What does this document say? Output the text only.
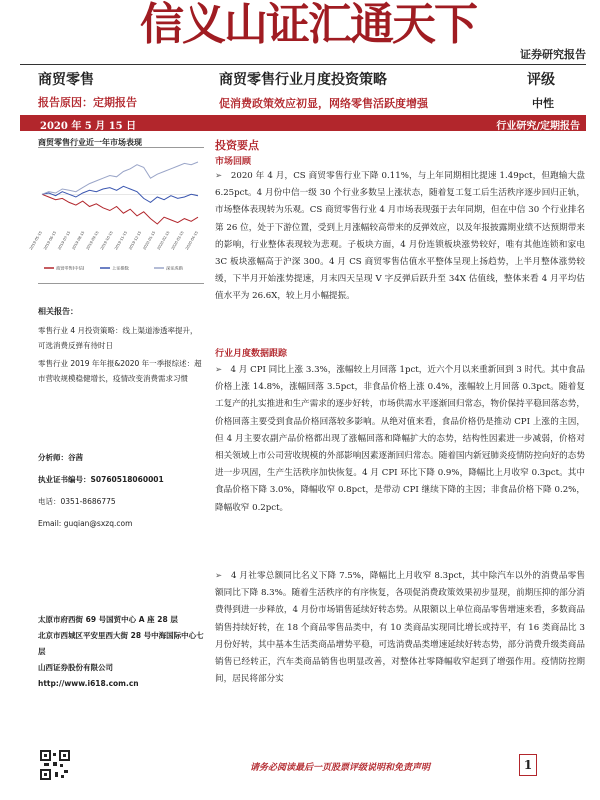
信义山证汇通天下
证券研究报告
商贸零售	商贸零售行业月度投资策略	评级
报告原因：定期报告	促消费政策效应初显，网络零售活跃度增强	中性
2020 年 5 月 15 日	行业研究/定期报告
商贸零售行业近一年市场表现
2019-05-15 2019-06-15 2019-07-15 2019-08-15 2019-09-15 2019-10-15 2019-11-15 2019-12-15 2020-01-15 2020-02-15 2020-03-15 2020-04-15
商贸零售(中信)	上证指数	深证成指
相关报告：
零售行业 4 月投资策略：线上渠道渗透率提升，可选消费反弹有待时日
零售行业 2019 年年报&2020 年一季报综述：超市营收规模稳健增长，疫情改变消费需求习惯
分析师：谷茜
执业证书编号：S0760518060001
电话：0351-8686775
Email: guqian@sxzq.com
太原市府西街 69 号国贸中心 A 座 28 层
北京市西城区平安里西大街 28 号中海国际中心七层
山西证券股份有限公司
http://www.i618.com.cn
投资要点
市场回顾
➢ 2020 年 4 月，CS 商贸零售行业下降 0.11%，与上年同期相比提速 1.49pct，但跑输大盘 6.25pct。4 月份中信一级 30 个行业多数呈上涨状态，随着复工复工后生活秩序逐步回归正轨，市场整体表现转为乐观。CS 商贸零售行业 4 月市场表现强于去年同期，但在中信 30 个行业排名第 26 位，处于下游位置，受到上月涨幅较高带来的反弹效应，以及年报披露期业绩不达预期带来的影响，行业整体表现较为悲观。子板块方面，4 月份连锁板块涨势较好，唯有其他连锁和家电 3C 板块涨幅高于沪深 300。4 月 CS 商贸零售估值水平整体呈现上扬趋势，上半月整体涨势较缓，下半月开始涨势提速，月末四天呈现 V 字反弹后跃升至 34X 估值线，整体来看 4 月平均估值水平为 26.6X，较上月小幅提振。
行业月度数据跟踪
➢ 4 月 CPI 同比上涨 3.3%，涨幅较上月回落 1pct，近六个月以来重新回到 3 时代。其中食品价格上涨 14.8%，涨幅回落 3.5pct，非食品价格上涨 0.4%，涨幅较上月回落 0.3pct。随着复工复产的扎实推进和生产需求的逐步好转，市场供需水平逐渐回归常态，物价保持平稳回落态势，价格回落主要受到食品价格回落较多影响。从绝对值来看，食品价格仍是推动 CPI 上涨的主因，但 4 月主要农副产品价格都出现了涨幅回落和降幅扩大的态势，结构性因素进一步减弱，价格对相关领域上市公司营收规模的外部影响因素逐渐回归常态。随着国内新冠肺炎疫情防控向好的态势进一步巩固，生产生活秩序加快恢复。4 月 CPI 环比下降 0.9%，降幅比上月收窄 0.3pct。其中食品价格下降 3.0%，降幅收窄 0.8pct，是带动 CPI 继续下降的主因；非食品价格下降 0.2%，降幅收窄 0.2pct。
➢ 4 月社零总额同比名义下降 7.5%，降幅比上月收窄 8.3pct，其中除汽车以外的消费品零售额同比下降 8.3%。随着生活秩序的有序恢复，各项促消费政策效果初步显现，前期压抑的部分消费得到进一步释放，4 月份市场销售延续好转态势。从限额以上单位商品零售增速来看，多数商品销售持续好转，在 18 个商品零售品类中，有 10 类商品实现同比增长或持平，有 16 类商品比 3 月份好转，其中基本生活类商品增势平稳，可选消费品类增速延续好转态势，部分消费升级类商品销售已经转正，汽车类商品销售也明显改善，对整体社零降幅收窄起到了增强作用。疫情防控期间，居民将部分实
请务必阅读最后一页股票评级说明和免责声明	1
